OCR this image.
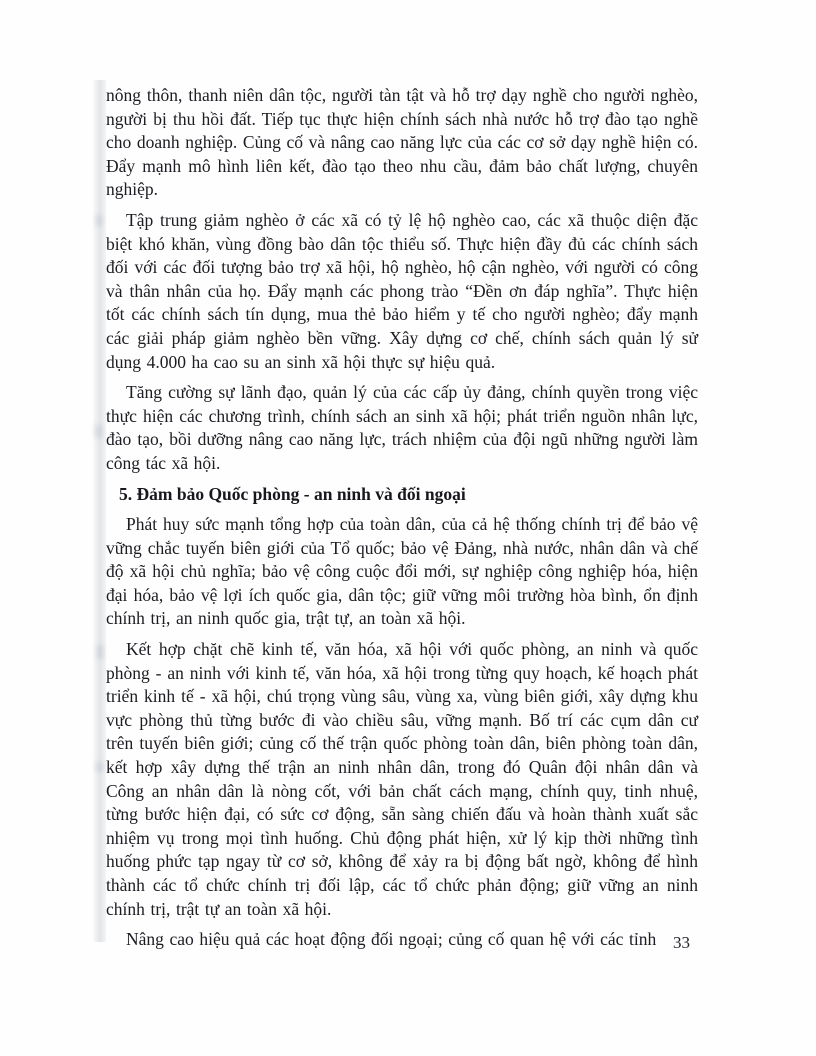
nông thôn, thanh niên dân tộc, người tàn tật và hỗ trợ dạy nghề cho người nghèo, người bị thu hồi đất. Tiếp tục thực hiện chính sách nhà nước hỗ trợ đào tạo nghề cho doanh nghiệp. Củng cố và nâng cao năng lực của các cơ sở dạy nghề hiện có. Đẩy mạnh mô hình liên kết, đào tạo theo nhu cầu, đảm bảo chất lượng, chuyên nghiệp.

Tập trung giảm nghèo ở các xã có tỷ lệ hộ nghèo cao, các xã thuộc diện đặc biệt khó khăn, vùng đồng bào dân tộc thiểu số. Thực hiện đầy đủ các chính sách đối với các đối tượng bảo trợ xã hội, hộ nghèo, hộ cận nghèo, với người có công và thân nhân của họ. Đẩy mạnh các phong trào “Đền ơn đáp nghĩa”. Thực hiện tốt các chính sách tín dụng, mua thẻ bảo hiểm y tế cho người nghèo; đẩy mạnh các giải pháp giảm nghèo bền vững. Xây dựng cơ chế, chính sách quản lý sử dụng 4.000 ha cao su an sinh xã hội thực sự hiệu quả.

Tăng cường sự lãnh đạo, quản lý của các cấp ủy đảng, chính quyền trong việc thực hiện các chương trình, chính sách an sinh xã hội; phát triển nguồn nhân lực, đào tạo, bồi dưỡng nâng cao năng lực, trách nhiệm của đội ngũ những người làm công tác xã hội.

5. Đảm bảo Quốc phòng - an ninh và đối ngoại

Phát huy sức mạnh tổng hợp của toàn dân, của cả hệ thống chính trị để bảo vệ vững chắc tuyến biên giới của Tổ quốc; bảo vệ Đảng, nhà nước, nhân dân và chế độ xã hội chủ nghĩa; bảo vệ công cuộc đổi mới, sự nghiệp công nghiệp hóa, hiện đại hóa, bảo vệ lợi ích quốc gia, dân tộc; giữ vững môi trường hòa bình, ổn định chính trị, an ninh quốc gia, trật tự, an toàn xã hội.

Kết hợp chặt chẽ kinh tế, văn hóa, xã hội với quốc phòng, an ninh và quốc phòng - an ninh với kinh tế, văn hóa, xã hội trong từng quy hoạch, kế hoạch phát triển kinh tế - xã hội, chú trọng vùng sâu, vùng xa, vùng biên giới, xây dựng khu vực phòng thủ từng bước đi vào chiều sâu, vững mạnh. Bố trí các cụm dân cư trên tuyến biên giới; củng cố thế trận quốc phòng toàn dân, biên phòng toàn dân, kết hợp xây dựng thế trận an ninh nhân dân, trong đó Quân đội nhân dân và Công an nhân dân là nòng cốt, với bản chất cách mạng, chính quy, tinh nhuệ, từng bước hiện đại, có sức cơ động, sẵn sàng chiến đấu và hoàn thành xuất sắc nhiệm vụ trong mọi tình huống. Chủ động phát hiện, xử lý kịp thời những tình huống phức tạp ngay từ cơ sở, không để xảy ra bị động bất ngờ, không để hình thành các tổ chức chính trị đối lập, các tổ chức phản động; giữ vững an ninh chính trị, trật tự an toàn xã hội.

Nâng cao hiệu quả các hoạt động đối ngoại; củng cố quan hệ với các tỉnh 33
